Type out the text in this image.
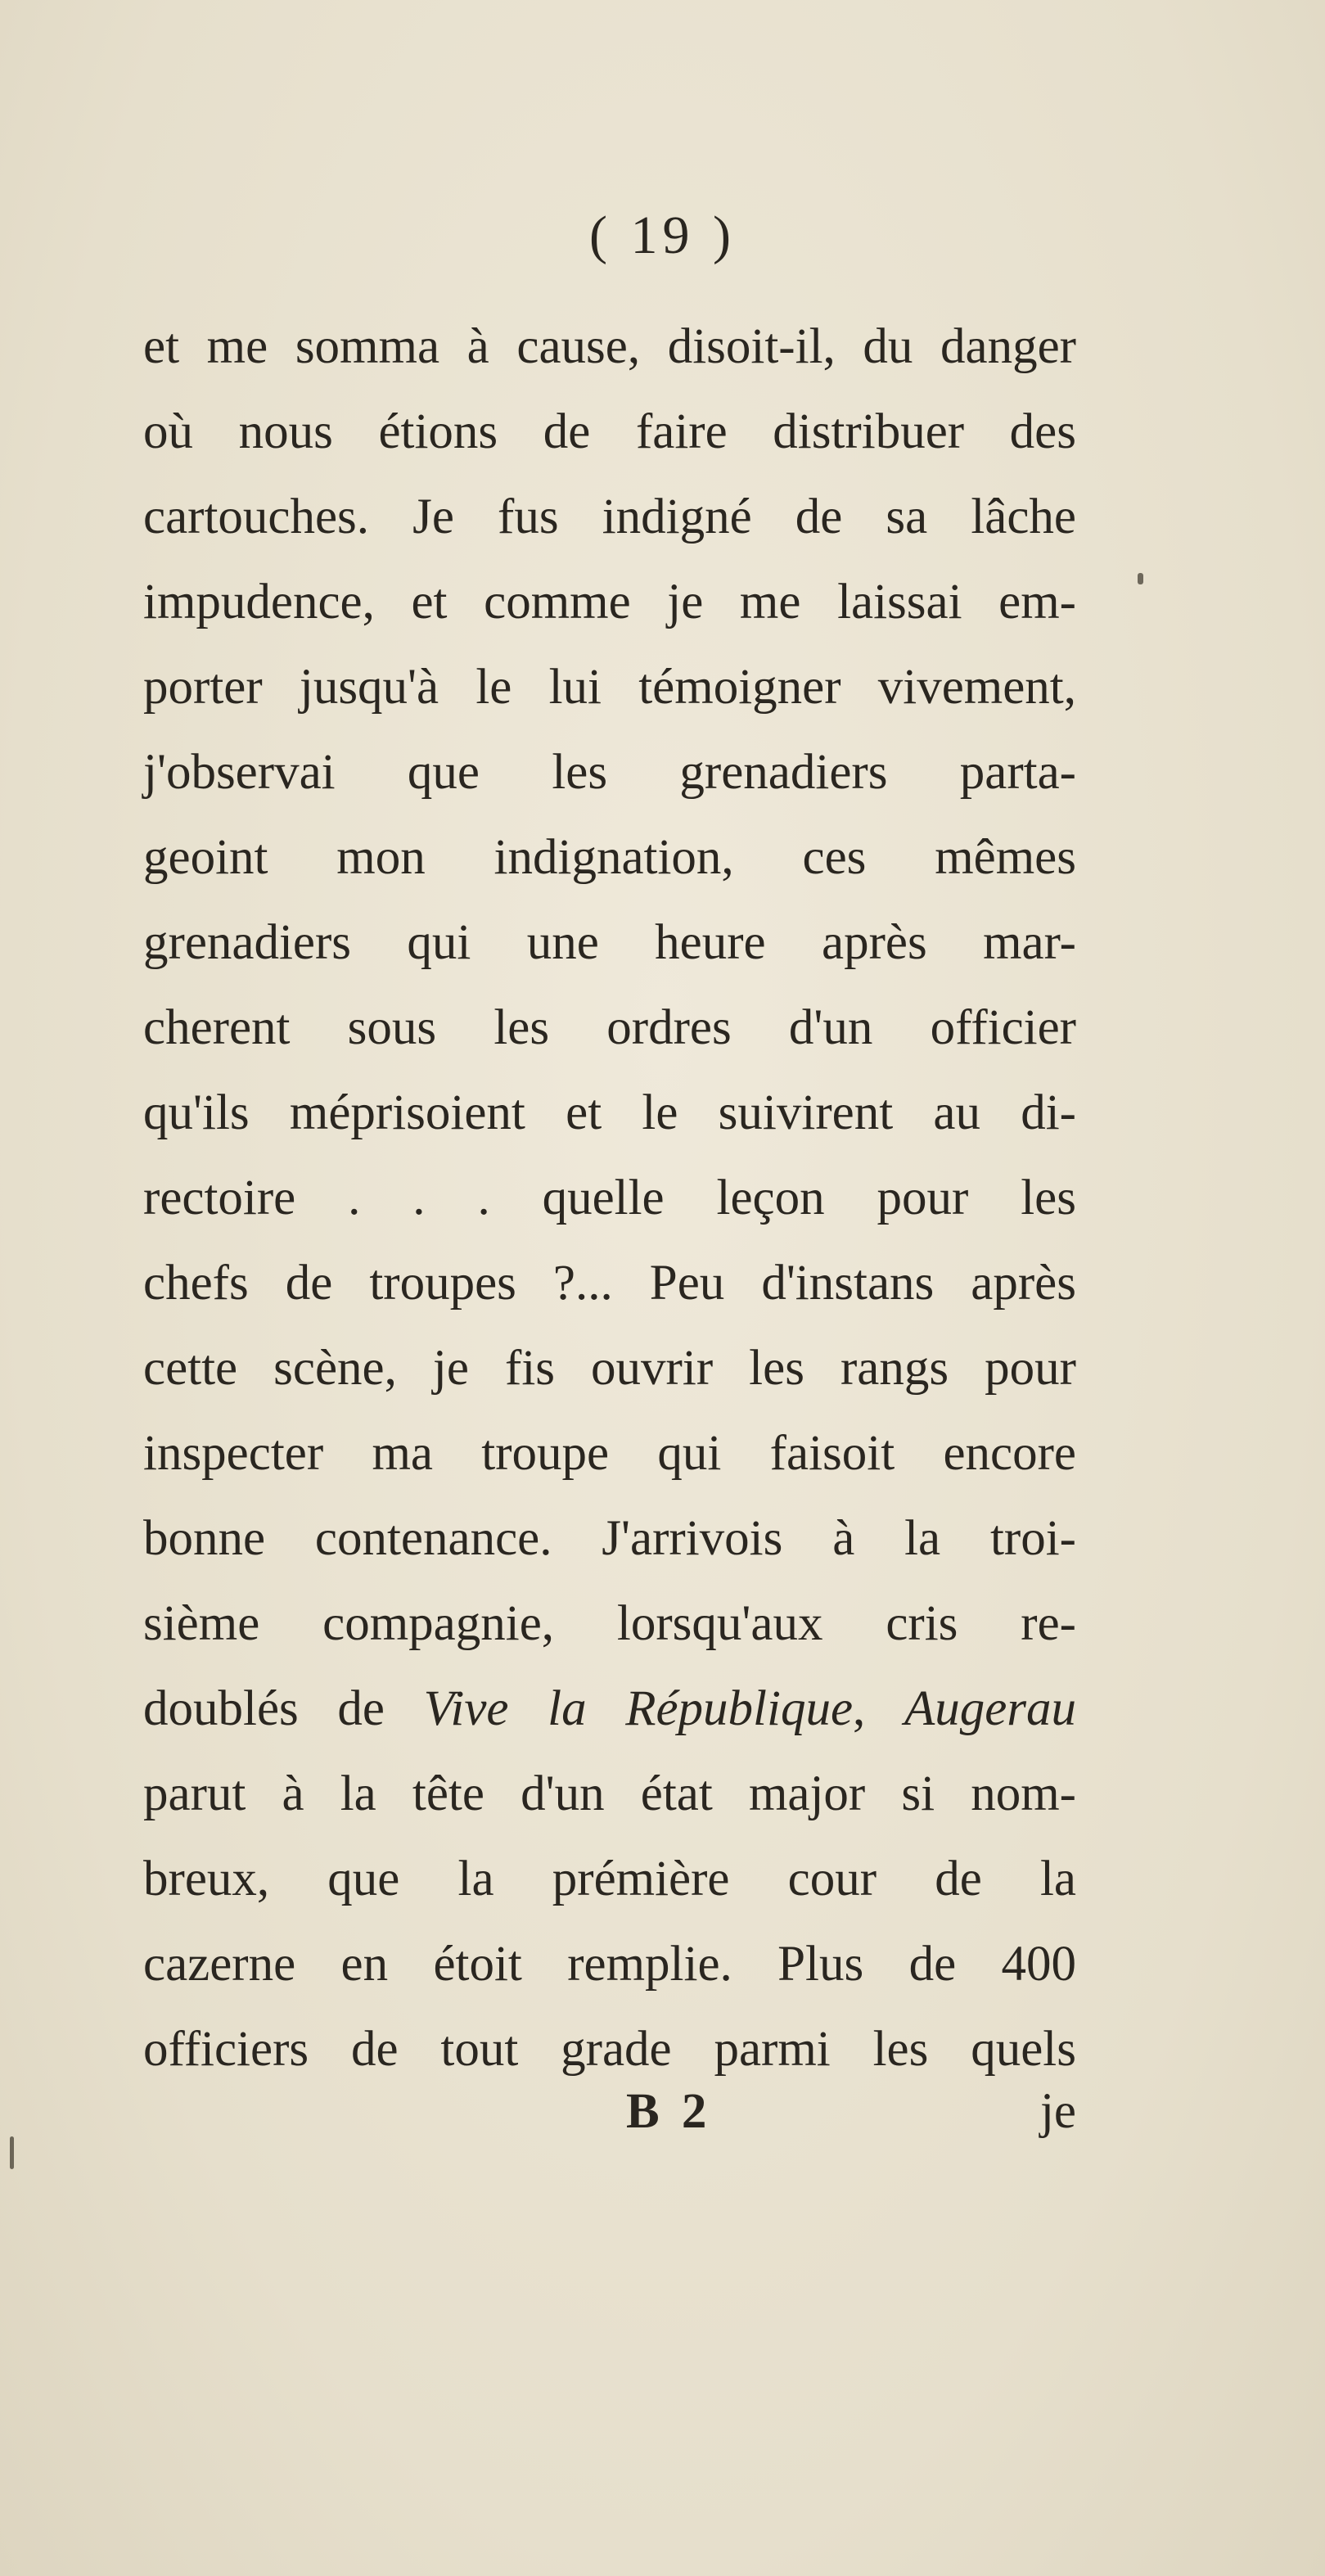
( 19 )
et me somma à cause, disoit-il, du danger
où nous étions de faire distribuer des
cartouches. Je fus indigné de sa lâche
impudence, et comme je me laissai em-
porter jusqu'à le lui témoigner vivement,
j'observai que les grenadiers parta-
geoint mon indignation, ces mêmes
grenadiers qui une heure après mar-
cherent sous les ordres d'un officier
qu'ils méprisoient et le suivirent au di-
rectoire . . . quelle leçon pour les
chefs de troupes ?... Peu d'instans après
cette scène, je fis ouvrir les rangs pour
inspecter ma troupe qui faisoit encore
bonne contenance. J'arrivois à la troi-
sième compagnie, lorsqu'aux cris re-
doublés de Vive la République, Augerau
parut à la tête d'un état major si nom-
breux, que la prémière cour de la
cazerne en étoit remplie. Plus de 400
officiers de tout grade parmi les quels
B 2	je
